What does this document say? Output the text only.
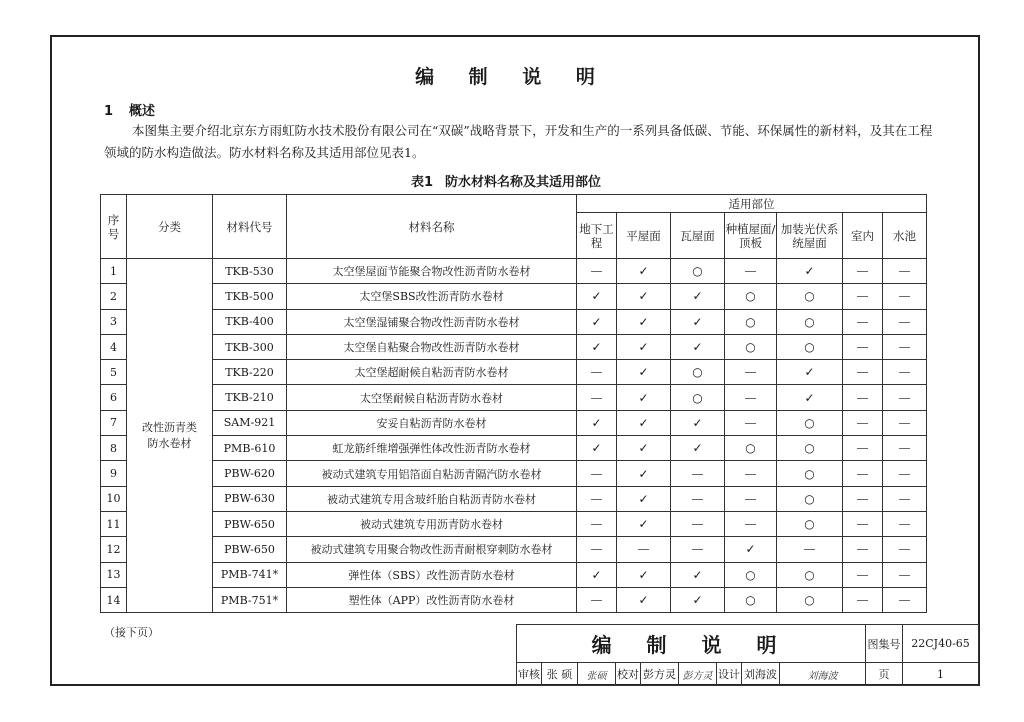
编 制 说 明
1 概述
本图集主要介绍北京东方雨虹防水技术股份有限公司在“双碳”战略背景下，开发和生产的一系列具备低碳、节能、环保属性的新材料，及其在工程领域的防水构造做法。防水材料名称及其适用部位见表1。
表1 防水材料名称及其适用部位
序号	分类	材料代号	材料名称	适用部位						
				地下工程	平屋面	瓦屋面	种植屋面/顶板	加装光伏系统屋面	室内	水池
1	改性沥青类防水卷材	TKB-530	太空堡屋面节能聚合物改性沥青防水卷材	—	✓	○	—	✓	—	—
2		TKB-500	太空堡SBS改性沥青防水卷材	✓	✓	✓	○	○	—	—
3		TKB-400	太空堡湿铺聚合物改性沥青防水卷材	✓	✓	✓	○	○	—	—
4		TKB-300	太空堡自粘聚合物改性沥青防水卷材	✓	✓	✓	○	○	—	—
5		TKB-220	太空堡超耐候自粘沥青防水卷材	—	✓	○	—	✓	—	—
6		TKB-210	太空堡耐候自粘沥青防水卷材	—	✓	○	—	✓	—	—
7		SAM-921	安妥自粘沥青防水卷材	✓	✓	✓	—	○	—	—
8		PMB-610	虹龙筋纤维增强弹性体改性沥青防水卷材	✓	✓	✓	○	○	—	—
9		PBW-620	被动式建筑专用铝箔面自粘沥青隔汽防水卷材	—	✓	—	—	○	—	—
10		PBW-630	被动式建筑专用含玻纤胎自粘沥青防水卷材	—	✓	—	—	○	—	—
11		PBW-650	被动式建筑专用沥青防水卷材	—	✓	—	—	○	—	—
12		PBW-650	被动式建筑专用聚合物改性沥青耐根穿刺防水卷材	—	—	—	✓	—	—	—
13		PMB-741*	弹性体（SBS）改性沥青防水卷材	✓	✓	✓	○	○	—	—
14		PMB-751*	塑性体（APP）改性沥青防水卷材	—	✓	✓	○	○	—	—
（接下页）
编 制 说 明									图集号	22CJ40-65
审核	张 硕	张硕	校对	彭方灵	彭方灵	设计	刘海波	刘海波	页	1
